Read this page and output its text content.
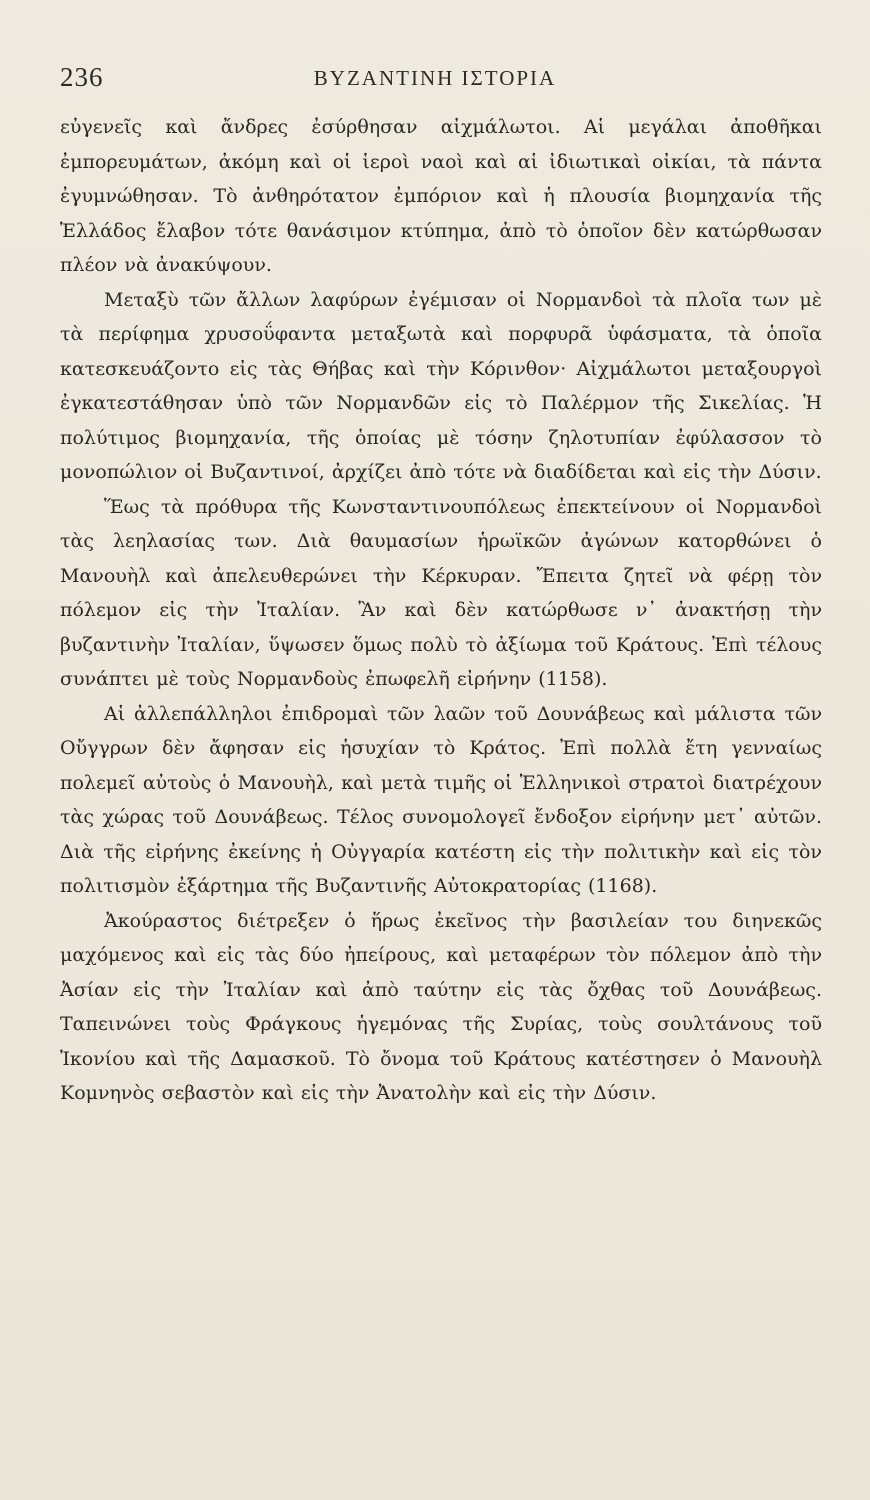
236	ΒΥΖΑΝΤΙΝΗ ΙΣΤΟΡΙΑ

εὐγενεῖς καὶ ἄνδρες ἐσύρθησαν αἰχμάλωτοι. Αἱ μεγάλαι ἀποθῆκαι ἐμπορευμάτων, ἀκόμη καὶ οἱ ἱεροὶ ναοὶ καὶ αἱ ἰδιωτικαὶ οἰκίαι, τὰ πάντα ἐγυμνώθησαν. Τὸ ἀνθηρότατον ἐμπόριον καὶ ἡ πλουσία βιομηχανία τῆς Ἑλλάδος ἔλαβον τότε θανάσιμον κτύπημα, ἀπὸ τὸ ὁποῖον δὲν κατώρθωσαν πλέον νὰ ἀνακύψουν.

Μεταξὺ τῶν ἄλλων λαφύρων ἐγέμισαν οἱ Νορμανδοὶ τὰ πλοῖα των μὲ τὰ περίφημα χρυσοΰφαντα μεταξωτὰ καὶ πορφυρᾶ ὑφάσματα, τὰ ὁποῖα κατεσκευάζοντο εἰς τὰς Θήβας καὶ τὴν Κόρινθον· Αἰχμάλωτοι μεταξουργοὶ ἐγκατεστάθησαν ὑπὸ τῶν Νορμανδῶν εἰς τὸ Παλέρμον τῆς Σικελίας. Ἡ πολύτιμος βιομηχανία, τῆς ὁποίας μὲ τόσην ζηλοτυπίαν ἐφύλασσον τὸ μονοπώλιον οἱ Βυζαντινοί, ἀρχίζει ἀπὸ τότε νὰ διαδίδεται καὶ εἰς τὴν Δύσιν.

Ἕως τὰ πρόθυρα τῆς Κωνσταντινουπόλεως ἐπεκτείνουν οἱ Νορμανδοὶ τὰς λεηλασίας των. Διὰ θαυμασίων ἡρωϊκῶν ἀγώνων κατορθώνει ὁ Μανουὴλ καὶ ἀπελευθερώνει τὴν Κέρκυραν. Ἔπειτα ζητεῖ νὰ φέρῃ τὸν πόλεμον εἰς τὴν Ἰταλίαν. Ἂν καὶ δὲν κατώρθωσε ν᾽ ἀνακτήσῃ τὴν βυζαντινὴν Ἰταλίαν, ὕψωσεν ὅμως πολὺ τὸ ἀξίωμα τοῦ Κράτους. Ἐπὶ τέλους συνάπτει μὲ τοὺς Νορμανδοὺς ἐπωφελῆ εἰρήνην (1158).

Αἱ ἀλλεπάλληλοι ἐπιδρομαὶ τῶν λαῶν τοῦ Δουνάβεως καὶ μάλιστα τῶν Οὔγγρων δὲν ἄφησαν εἰς ἡσυχίαν τὸ Κράτος. Ἐπὶ πολλὰ ἔτη γενναίως πολεμεῖ αὐτοὺς ὁ Μανουὴλ, καὶ μετὰ τιμῆς οἱ Ἑλληνικοὶ στρατοὶ διατρέχουν τὰς χώρας τοῦ Δουνάβεως. Τέλος συνομολογεῖ ἔνδοξον εἰρήνην μετ᾽ αὐτῶν. Διὰ τῆς εἰρήνης ἐκείνης ἡ Οὐγγαρία κατέστη εἰς τὴν πολιτικὴν καὶ εἰς τὸν πολιτισμὸν ἐξάρτημα τῆς Βυζαντινῆς Αὐτοκρατορίας (1168).

Ἀκούραστος διέτρεξεν ὁ ἥρως ἐκεῖνος τὴν βασιλείαν του διηνεκῶς μαχόμενος καὶ εἰς τὰς δύο ἠπείρους, καὶ μεταφέρων τὸν πόλεμον ἀπὸ τὴν Ἀσίαν εἰς τὴν Ἰταλίαν καὶ ἀπὸ ταύτην εἰς τὰς ὄχθας τοῦ Δουνάβεως. Ταπεινώνει τοὺς Φράγκους ἡγεμόνας τῆς Συρίας, τοὺς σουλτάνους τοῦ Ἰκονίου καὶ τῆς Δαμασκοῦ. Τὸ ὄνομα τοῦ Κράτους κατέστησεν ὁ Μανουὴλ Κομνηνὸς σεβαστὸν καὶ εἰς τὴν Ἀνατολὴν καὶ εἰς τὴν Δύσιν.
